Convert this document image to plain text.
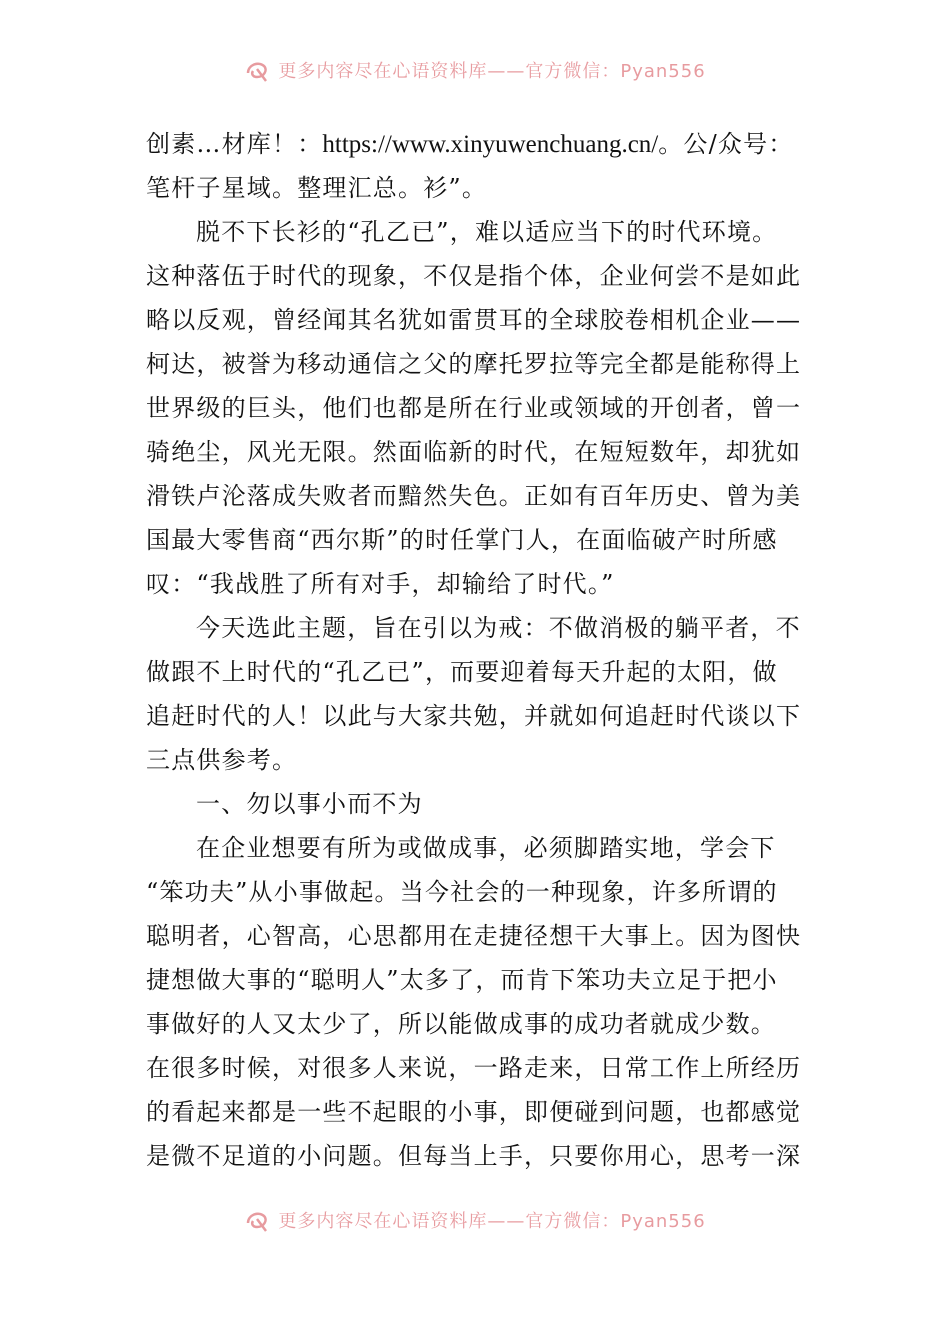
更多内容尽在心语资料库——官方微信：Pyan556
创素…材库！：https://www.xinyuwenchuang.cn/。公/众号：
笔杆子星域。整理汇总。衫”。
脱不下长衫的“孔乙已”，难以适应当下的时代环境。
这种落伍于时代的现象，不仅是指个体，企业何尝不是如此
略以反观，曾经闻其名犹如雷贯耳的全球胶卷相机企业——
柯达，被誉为移动通信之父的摩托罗拉等完全都是能称得上
世界级的巨头，他们也都是所在行业或领域的开创者，曾一
骑绝尘，风光无限。然面临新的时代，在短短数年，却犹如
滑铁卢沦落成失败者而黯然失色。正如有百年历史、曾为美
国最大零售商“西尔斯”的时任掌门人，在面临破产时所感
叹：“我战胜了所有对手，却输给了时代。”
今天选此主题，旨在引以为戒：不做消极的躺平者，不
做跟不上时代的“孔乙已”，而要迎着每天升起的太阳，做
追赶时代的人！以此与大家共勉，并就如何追赶时代谈以下
三点供参考。
一、勿以事小而不为
在企业想要有所为或做成事，必须脚踏实地，学会下
“笨功夫”从小事做起。当今社会的一种现象，许多所谓的
聪明者，心智高，心思都用在走捷径想干大事上。因为图快
捷想做大事的“聪明人”太多了，而肯下笨功夫立足于把小
事做好的人又太少了，所以能做成事的成功者就成少数。
在很多时候，对很多人来说，一路走来，日常工作上所经历
的看起来都是一些不起眼的小事，即便碰到问题，也都感觉
是微不足道的小问题。但每当上手，只要你用心，思考一深
更多内容尽在心语资料库——官方微信：Pyan556
